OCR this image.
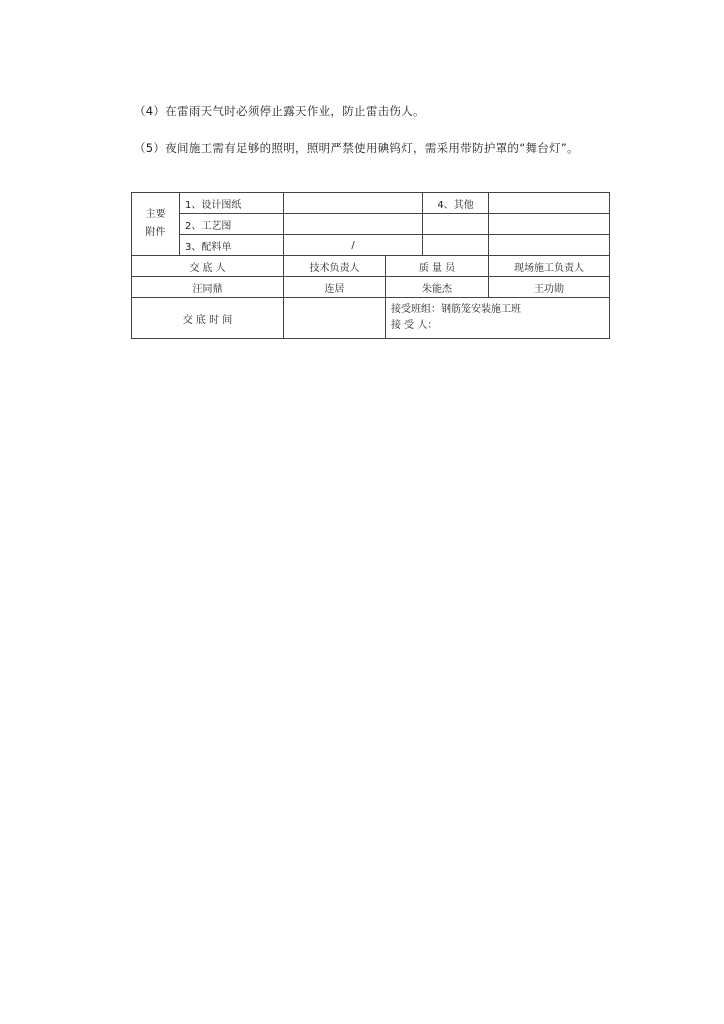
（4）在雷雨天气时必须停止露天作业，防止雷击伤人。
（5）夜间施工需有足够的照明，照明严禁使用碘钨灯，需采用带防护罩的“舞台灯”。
主要
附件	1、设计图纸			4、其他	
	2、工艺图				
	3、配料单	/			
交 底 人		技术负责人	质 量 员		现场施工负责人
汪同鼎		连居	朱能杰		王功勋
交 底 时 间			接受班组：钢筋笼安装施工班
接 受 人：		
